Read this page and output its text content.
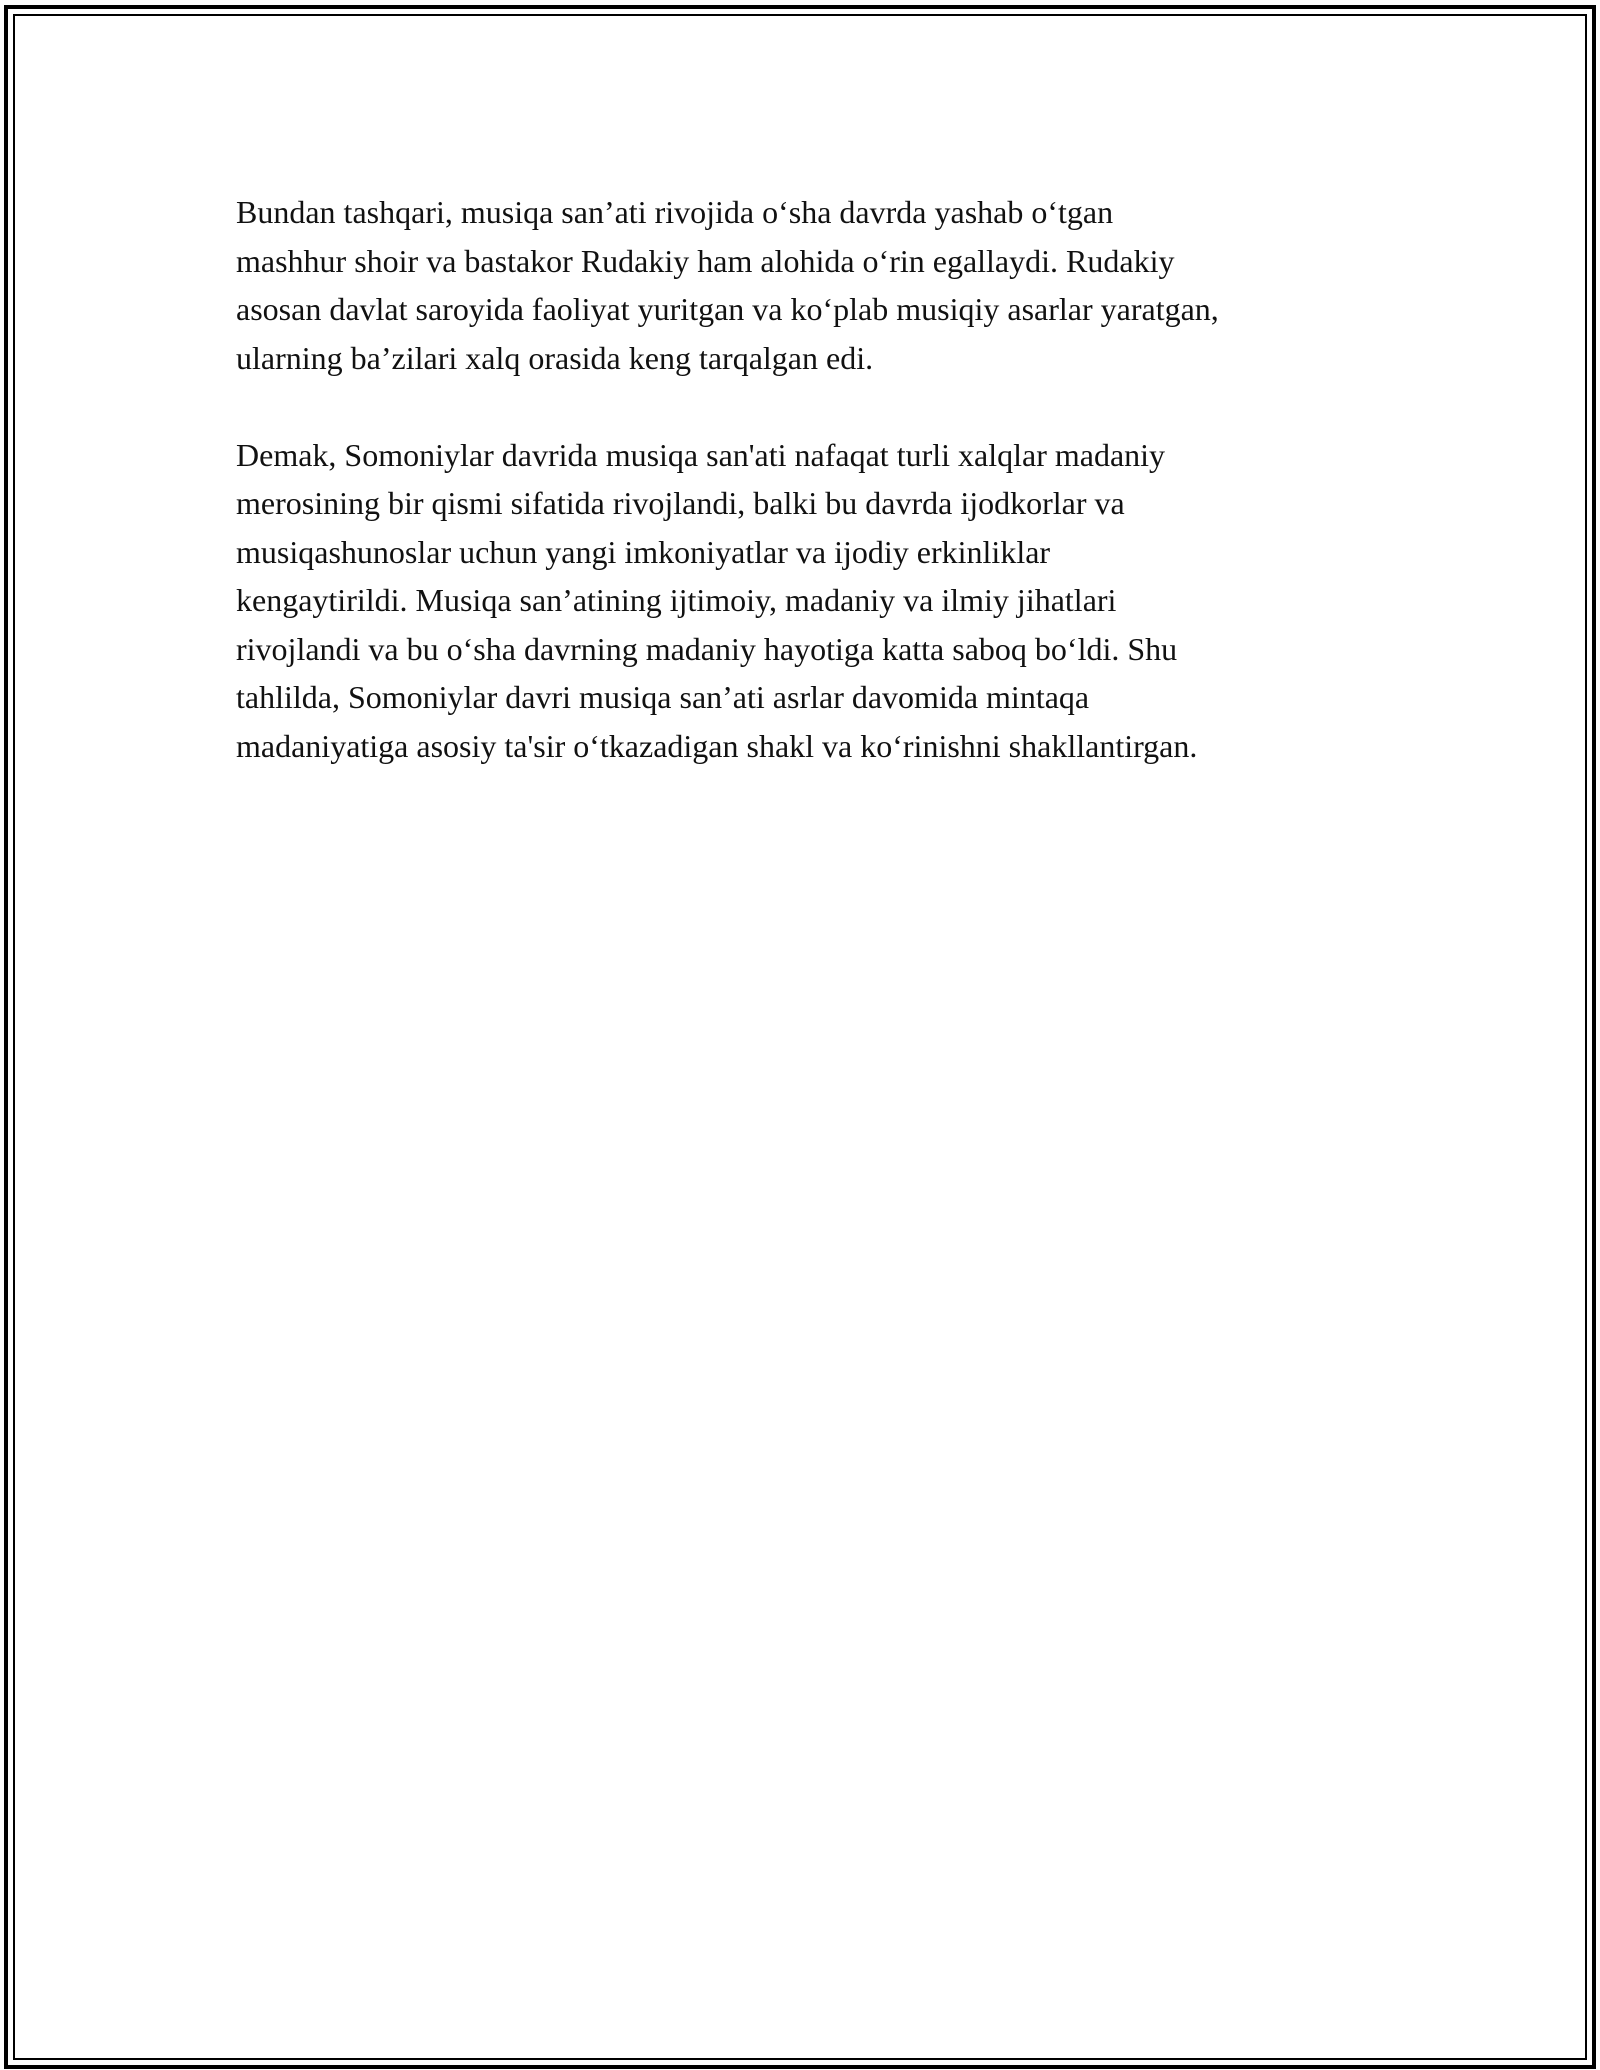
Bundan tashqari, musiqa san’ati rivojida o‘sha davrda yashab o‘tgan
mashhur shoir va bastakor Rudakiy ham alohida o‘rin egallaydi. Rudakiy
asosan davlat saroyida faoliyat yuritgan va ko‘plab musiqiy asarlar yaratgan,
ularning ba’zilari xalq orasida keng tarqalgan edi.

Demak, Somoniylar davrida musiqa san'ati nafaqat turli xalqlar madaniy
merosining bir qismi sifatida rivojlandi, balki bu davrda ijodkorlar va
musiqashunoslar uchun yangi imkoniyatlar va ijodiy erkinliklar
kengaytirildi. Musiqa san’atining ijtimoiy, madaniy va ilmiy jihatlari
rivojlandi va bu o‘sha davrning madaniy hayotiga katta saboq bo‘ldi. Shu
tahlilda, Somoniylar davri musiqa san’ati asrlar davomida mintaqa
madaniyatiga asosiy ta'sir o‘tkazadigan shakl va ko‘rinishni shakllantirgan.
